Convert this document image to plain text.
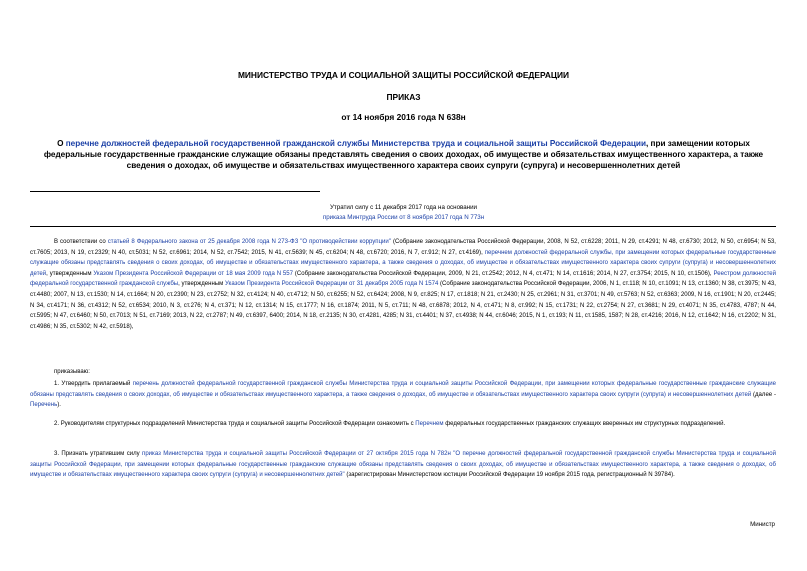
МИНИСТЕРСТВО ТРУДА И СОЦИАЛЬНОЙ ЗАЩИТЫ РОССИЙСКОЙ ФЕДЕРАЦИИ
ПРИКАЗ
от 14 ноября 2016 года N 638н
О перечне должностей федеральной государственной гражданской службы Министерства труда и социальной защиты Российской Федерации, при замещении которых федеральные государственные гражданские служащие обязаны представлять сведения о своих доходах, об имуществе и обязательствах имущественного характера, а также сведения о доходах, об имуществе и обязательствах имущественного характера своих супруги (супруга) и несовершеннолетних детей
Утратил силу с 11 декабря 2017 года на основании
приказа Минтруда России от 8 ноября 2017 года N 773н
В соответствии со статьей 8 Федерального закона от 25 декабря 2008 года N 273-ФЗ "О противодействии коррупции" (Собрание законодательства Российской Федерации, 2008, N 52, ст.6228; 2011, N 29, ст.4291; N 48, ст.6730; 2012, N 50, ст.6954; N 53, ст.7605; 2013, N 19, ст.2329; N 40, ст.5031; N 52, ст.6961; 2014, N 52, ст.7542; 2015, N 41, ст.5639; N 45, ст.6204; N 48, ст.6720; 2016, N 7, ст.912; N 27, ст.4169), перечнем должностей федеральной службы, при замещении которых федеральные государственные служащие обязаны представлять сведения о своих доходах, об имуществе и обязательствах имущественного характера, а также сведения о доходах, об имуществе и обязательствах имущественного характера своих супруги (супруга) и несовершеннолетних детей, утвержденным Указом Президента Российской Федерации от 18 мая 2009 года N 557 (Собрание законодательства Российской Федерации, 2009, N 21, ст.2542; 2012, N 4, ст.471; N 14, ст.1616; 2014, N 27, ст.3754; 2015, N 10, ст.1506), Реестром должностей федеральной государственной гражданской службы, утвержденным Указом Президента Российской Федерации от 31 декабря 2005 года N 1574 (Собрание законодательства Российской Федерации, 2006, N 1, ст.118; N 10, ст.1091; N 13, ст.1360; N 38, ст.3975; N 43, ст.4480; 2007, N 13, ст.1530; N 14, ст.1664; N 20, ст.2390; N 23, ст.2752; N 32, ст.4124; N 40, ст.4712; N 50, ст.6255; N 52, ст.6424; 2008, N 9, ст.825; N 17, ст.1818; N 21, ст.2430; N 25, ст.2961; N 31, ст.3701; N 49, ст.5763; N 52, ст.6363; 2009, N 16, ст.1901; N 20, ст.2445; N 34, ст.4171; N 36, ст.4312; N 52, ст.6534; 2010, N 3, ст.276; N 4, ст.371; N 12, ст.1314; N 15, ст.1777; N 16, ст.1874; 2011, N 5, ст.711; N 48, ст.6878; 2012, N 4, ст.471; N 8, ст.992; N 15, ст.1731; N 22, ст.2754; N 27, ст.3681; N 29, ст.4071; N 35, ст.4783, 4787; N 44, ст.5995; N 47, ст.6460; N 50, ст.7013; N 51, ст.7169; 2013, N 22, ст.2787; N 49, ст.6397, 6400; 2014, N 18, ст.2135; N 30, ст.4281, 4285; N 31, ст.4401; N 37, ст.4938; N 44, ст.6046; 2015, N 1, ст.193; N 11, ст.1585, 1587; N 28, ст.4216; 2016, N 12, ст.1642; N 16, ст.2202; N 31, ст.4986; N 35, ст.5302; N 42, ст.5918),
приказываю:
1. Утвердить прилагаемый перечень должностей федеральной государственной гражданской службы Министерства труда и социальной защиты Российской Федерации, при замещении которых федеральные государственные гражданские служащие обязаны представлять сведения о своих доходах, об имуществе и обязательствах имущественного характера, а также сведения о доходах, об имуществе и обязательствах имущественного характера своих супруги (супруга) и несовершеннолетних детей (далее - Перечень).
2. Руководителям структурных подразделений Министерства труда и социальной защиты Российской Федерации ознакомить с Перечнем федеральных государственных гражданских служащих вверенных им структурных подразделений.
3. Признать утратившим силу приказ Министерства труда и социальной защиты Российской Федерации от 27 октября 2015 года N 782н "О перечне должностей федеральной государственной гражданской службы Министерства труда и социальной защиты Российской Федерации, при замещении которых федеральные государственные гражданские служащие обязаны представлять сведения о своих доходах, об имуществе и обязательствах имущественного характера, а также сведения о доходах, об имуществе и обязательствах имущественного характера своих супруги (супруга) и несовершеннолетних детей" (зарегистрирован Министерством юстиции Российской Федерации 19 ноября 2015 года, регистрационный N 39784).
Министр
